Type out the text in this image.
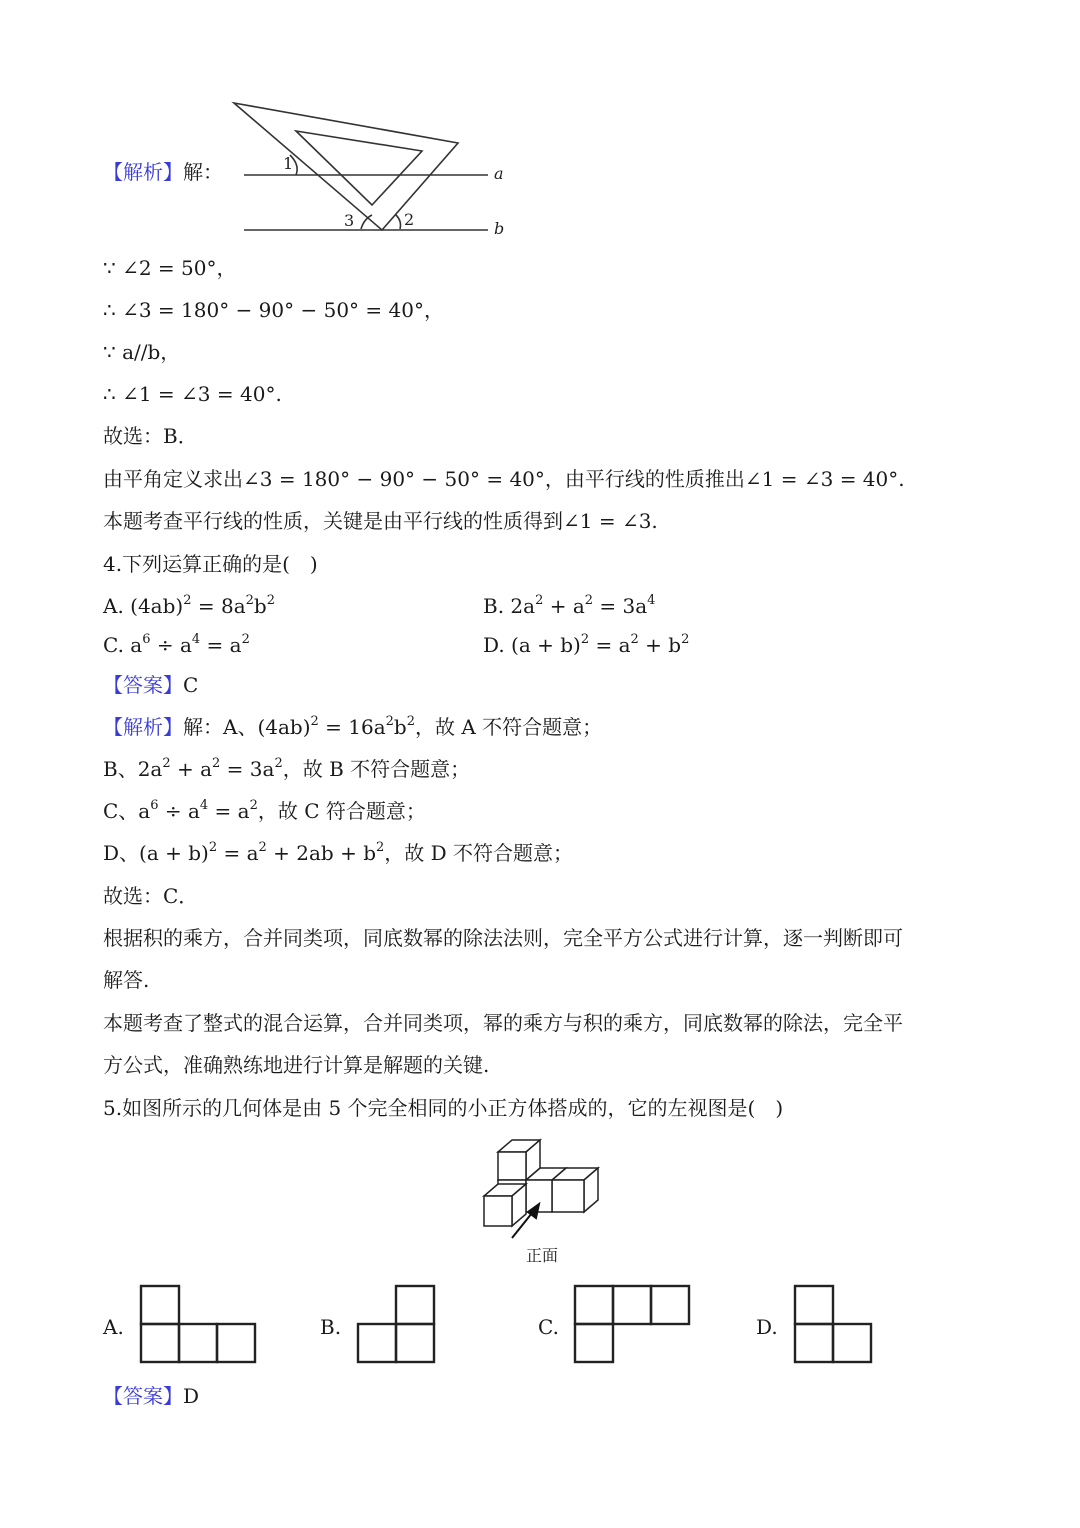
【解析】解：	1
3	2
a
b
∵ ∠2 = 50°，
∴ ∠3 = 180° − 90° − 50° = 40°，
∵ a//b，
∴ ∠1 = ∠3 = 40°.
故选：B．
由平角定义求出∠3 = 180° − 90° − 50° = 40°，由平行线的性质推出∠1 = ∠3 = 40°.
本题考查平行线的性质，关键是由平行线的性质得到∠1 = ∠3.
4.下列运算正确的是(　)
A. $(4ab)^2 = 8a^2b^2$	B. $2a^2 + a^2 = 3a^4$
C. $a^6 \div a^4 = a^2$	D. $(a + b)^2 = a^2 + b^2$
【答案】C
【解析】解：A、$(4ab)^2 = 16a^2b^2$，故 A 不符合题意；
B、$2a^2 + a^2 = 3a^2$，故 B 不符合题意；
C、$a^6 \div a^4 = a^2$，故 C 符合题意；
D、$(a + b)^2 = a^2 + 2ab + b^2$，故 D 不符合题意；
故选：C．
根据积的乘方，合并同类项，同底数幂的除法法则，完全平方公式进行计算，逐一判断即可
解答.
本题考查了整式的混合运算，合并同类项，幂的乘方与积的乘方，同底数幂的除法，完全平
方公式，准确熟练地进行计算是解题的关键.
5.如图所示的几何体是由 5 个完全相同的小正方体搭成的，它的左视图是(　)
正面
A.	B.	C.	D.
【答案】D
